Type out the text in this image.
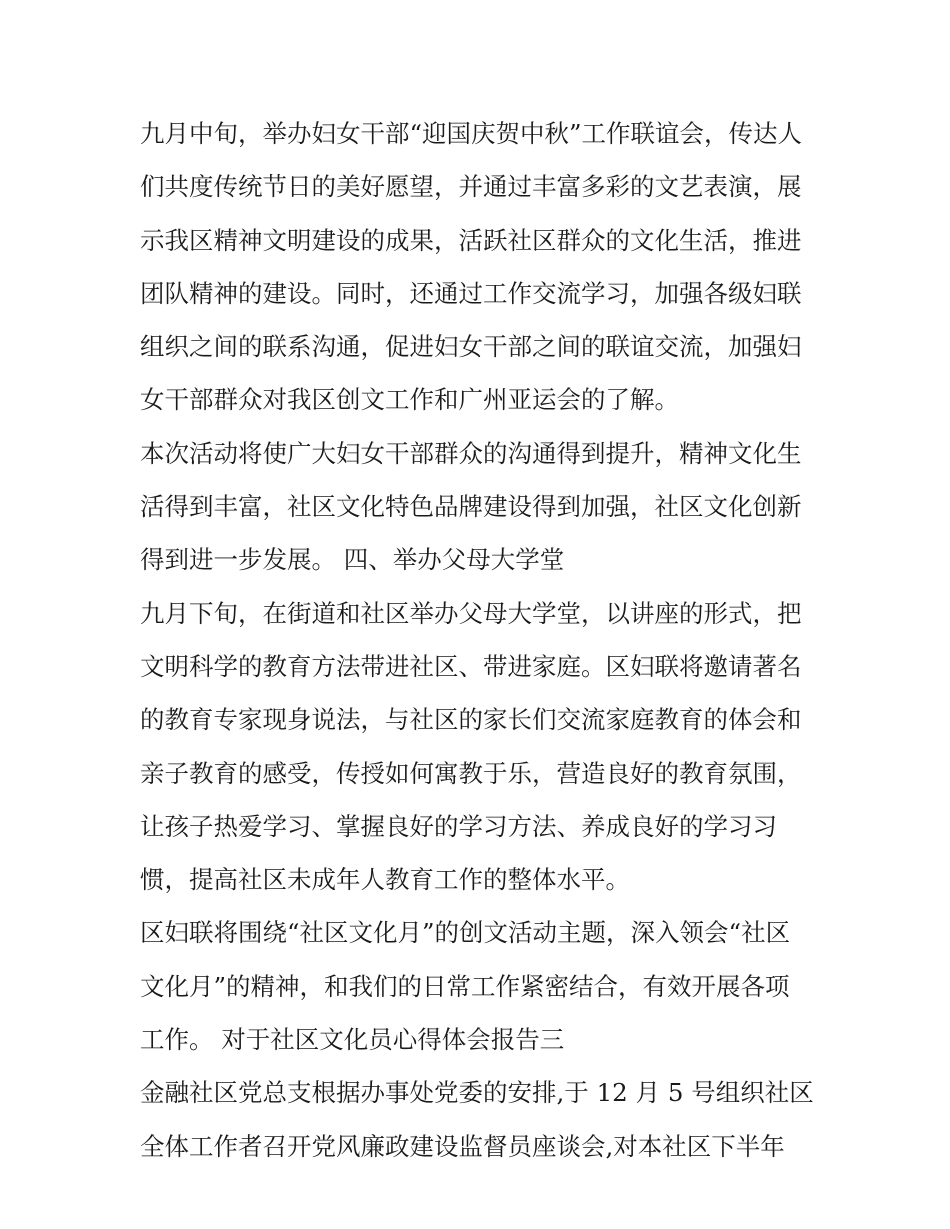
九月中旬，举办妇女干部“迎国庆贺中秋”工作联谊会，传达人
们共度传统节日的美好愿望，并通过丰富多彩的文艺表演，展
示我区精神文明建设的成果，活跃社区群众的文化生活，推进
团队精神的建设。同时，还通过工作交流学习，加强各级妇联
组织之间的联系沟通，促进妇女干部之间的联谊交流，加强妇
女干部群众对我区创文工作和广州亚运会的了解。
本次活动将使广大妇女干部群众的沟通得到提升，精神文化生
活得到丰富，社区文化特色品牌建设得到加强，社区文化创新
得到进一步发展。 四、举办父母大学堂
九月下旬，在街道和社区举办父母大学堂，以讲座的形式，把
文明科学的教育方法带进社区、带进家庭。区妇联将邀请著名
的教育专家现身说法，与社区的家长们交流家庭教育的体会和
亲子教育的感受，传授如何寓教于乐，营造良好的教育氛围，
让孩子热爱学习、掌握良好的学习方法、养成良好的学习习
惯，提高社区未成年人教育工作的整体水平。
区妇联将围绕“社区文化月”的创文活动主题，深入领会“社区
文化月”的精神，和我们的日常工作紧密结合，有效开展各项
工作。 对于社区文化员心得体会报告三
金融社区党总支根据办事处党委的安排,于 12 月 5 号组织社区
全体工作者召开党风廉政建设监督员座谈会,对本社区下半年
